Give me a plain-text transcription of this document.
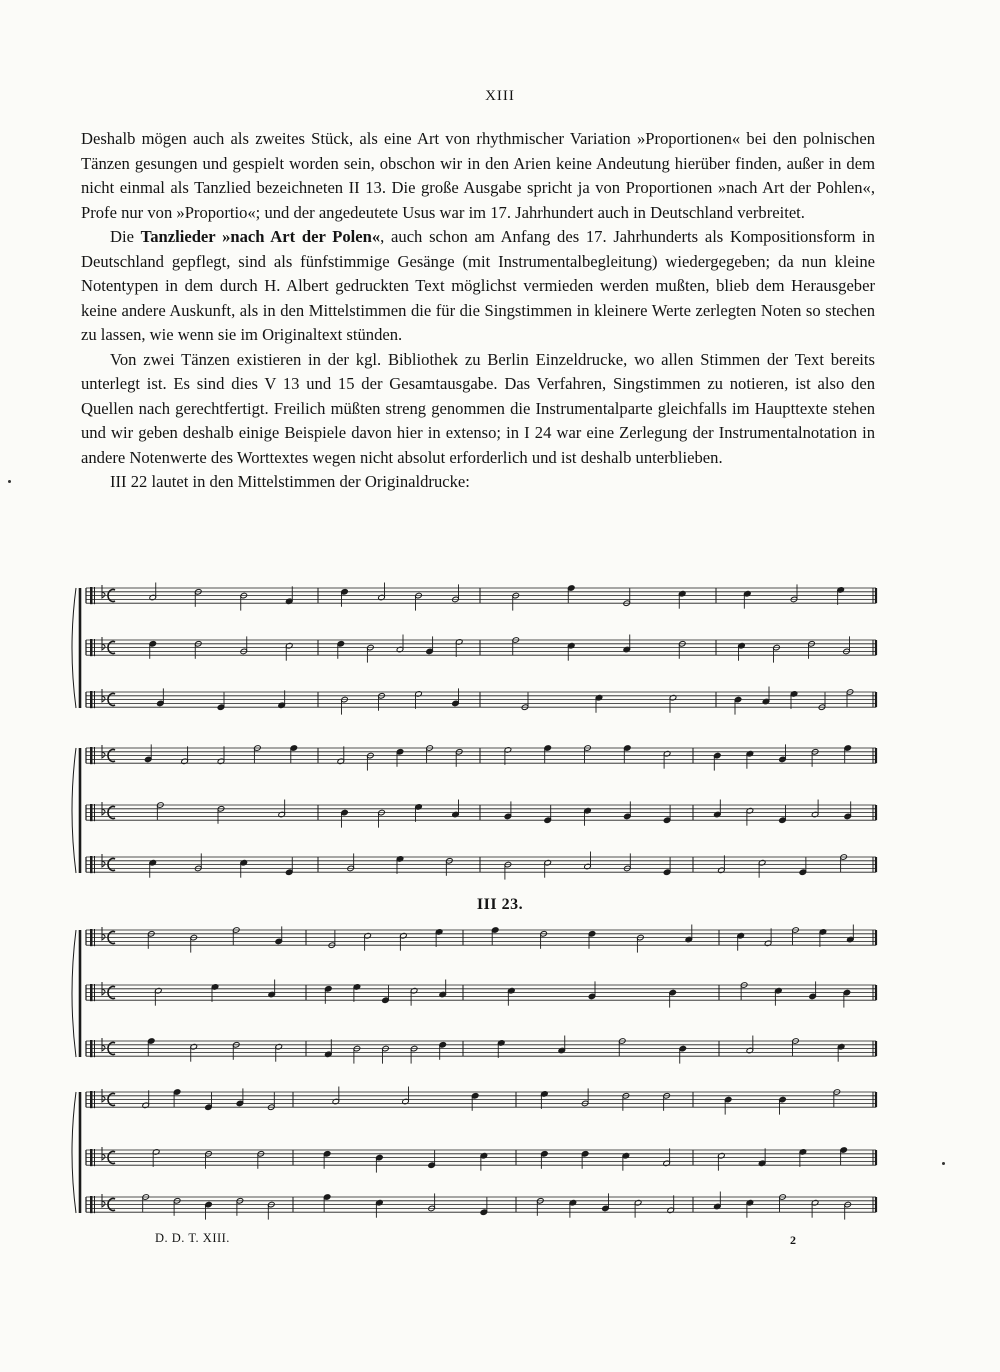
XIII

Deshalb mögen auch als zweites Stück, als eine Art von rhythmischer Variation »Proportionen« bei den polnischen Tänzen gesungen und gespielt worden sein, obschon wir in den Arien keine Andeutung hierüber finden, außer in dem nicht einmal als Tanzlied bezeichneten II 13. Die große Ausgabe spricht ja von Proportionen »nach Art der Pohlen«, Profe nur von »Proportio«; und der angedeutete Usus war im 17. Jahrhundert auch in Deutschland verbreitet.

Die Tanzlieder »nach Art der Polen«, auch schon am Anfang des 17. Jahrhunderts als Kompositionsform in Deutschland gepflegt, sind als fünfstimmige Gesänge (mit Instrumentalbegleitung) wiedergegeben; da nun kleine Notentypen in dem durch H. Albert gedruckten Text möglichst vermieden werden mußten, blieb dem Herausgeber keine andere Auskunft, als in den Mittelstimmen die für die Singstimmen in kleinere Werte zerlegten Noten so stechen zu lassen, wie wenn sie im Originaltext stünden.

Von zwei Tänzen existieren in der kgl. Bibliothek zu Berlin Einzeldrucke, wo allen Stimmen der Text bereits unterlegt ist. Es sind dies V 13 und 15 der Gesamtausgabe. Das Verfahren, Singstimmen zu notieren, ist also den Quellen nach gerechtfertigt. Freilich müßten streng genommen die Instrumentalparte gleichfalls im Haupttexte stehen und wir geben deshalb einige Beispiele davon hier in extenso; in I 24 war eine Zerlegung der Instrumentalnotation in andere Notenwerte des Worttextes wegen nicht absolut erforderlich und ist deshalb unterblieben.

III 22 lautet in den Mittelstimmen der Originaldrucke:

III 23.
D. D. T. XIII.	2
